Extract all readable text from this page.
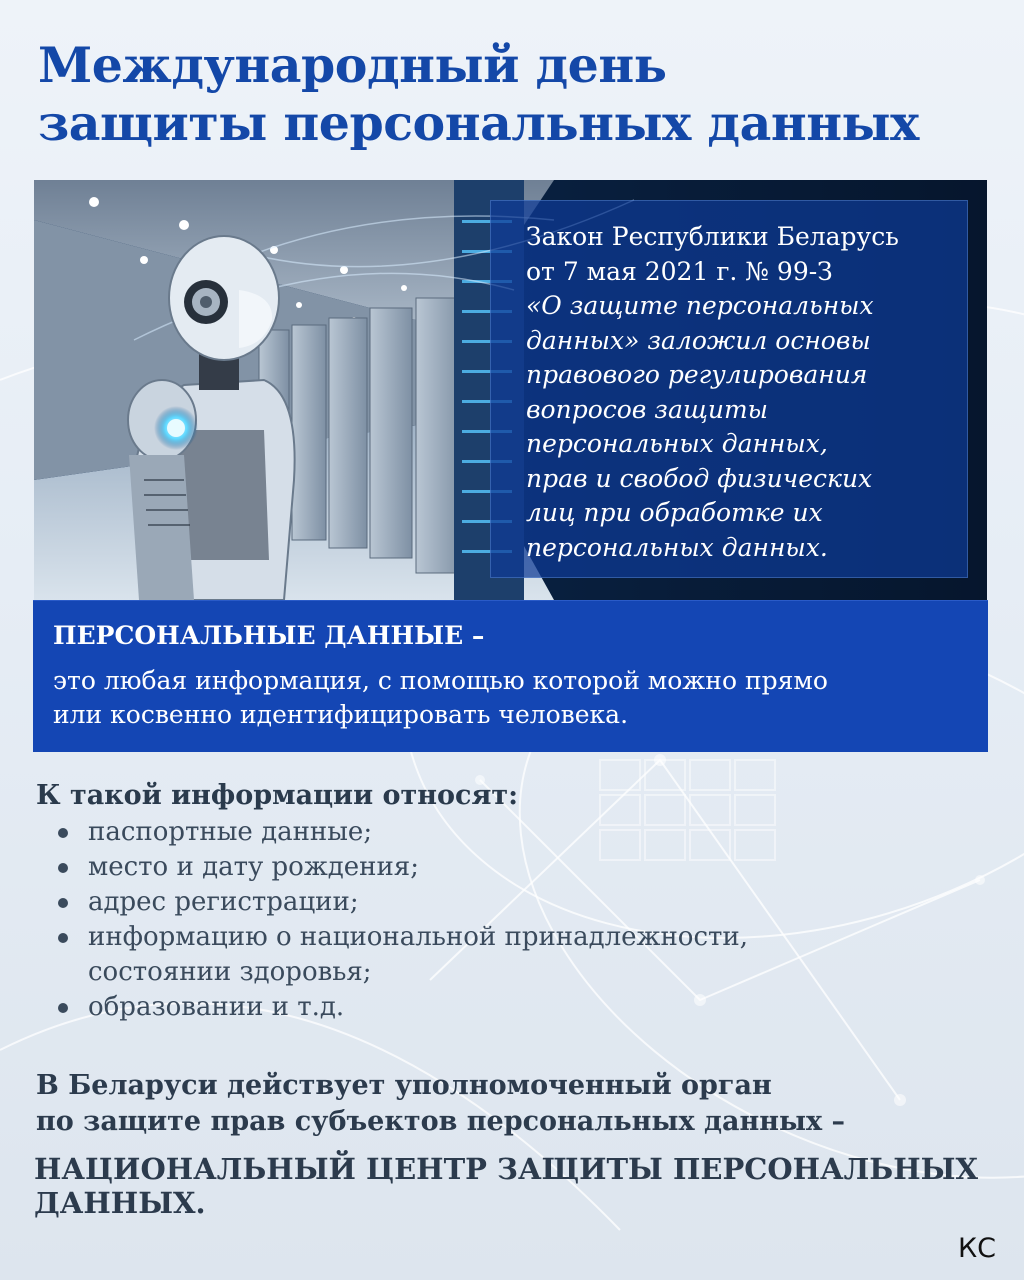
Международный день
защиты персональных данных
Закон Республики Беларусь
от 7 мая 2021 г. № 99-З
«О защите персональных
данных» заложил основы
правового регулирования
вопросов защиты
персональных данных,
прав и свобод физических
лиц при обработке их
персональных данных.
ПЕРСОНАЛЬНЫЕ ДАННЫЕ –
это любая информация, с помощью которой можно прямо
или косвенно идентифицировать человека.
К такой информации относят:
паспортные данные;
место и дату рождения;
адрес регистрации;
информацию о национальной принадлежности,
состоянии здоровья;
образовании и т.д.
В Беларуси действует уполномоченный орган
по защите прав субъектов персональных данных –
НАЦИОНАЛЬНЫЙ ЦЕНТР ЗАЩИТЫ ПЕРСОНАЛЬНЫХ
ДАННЫХ.
КС
